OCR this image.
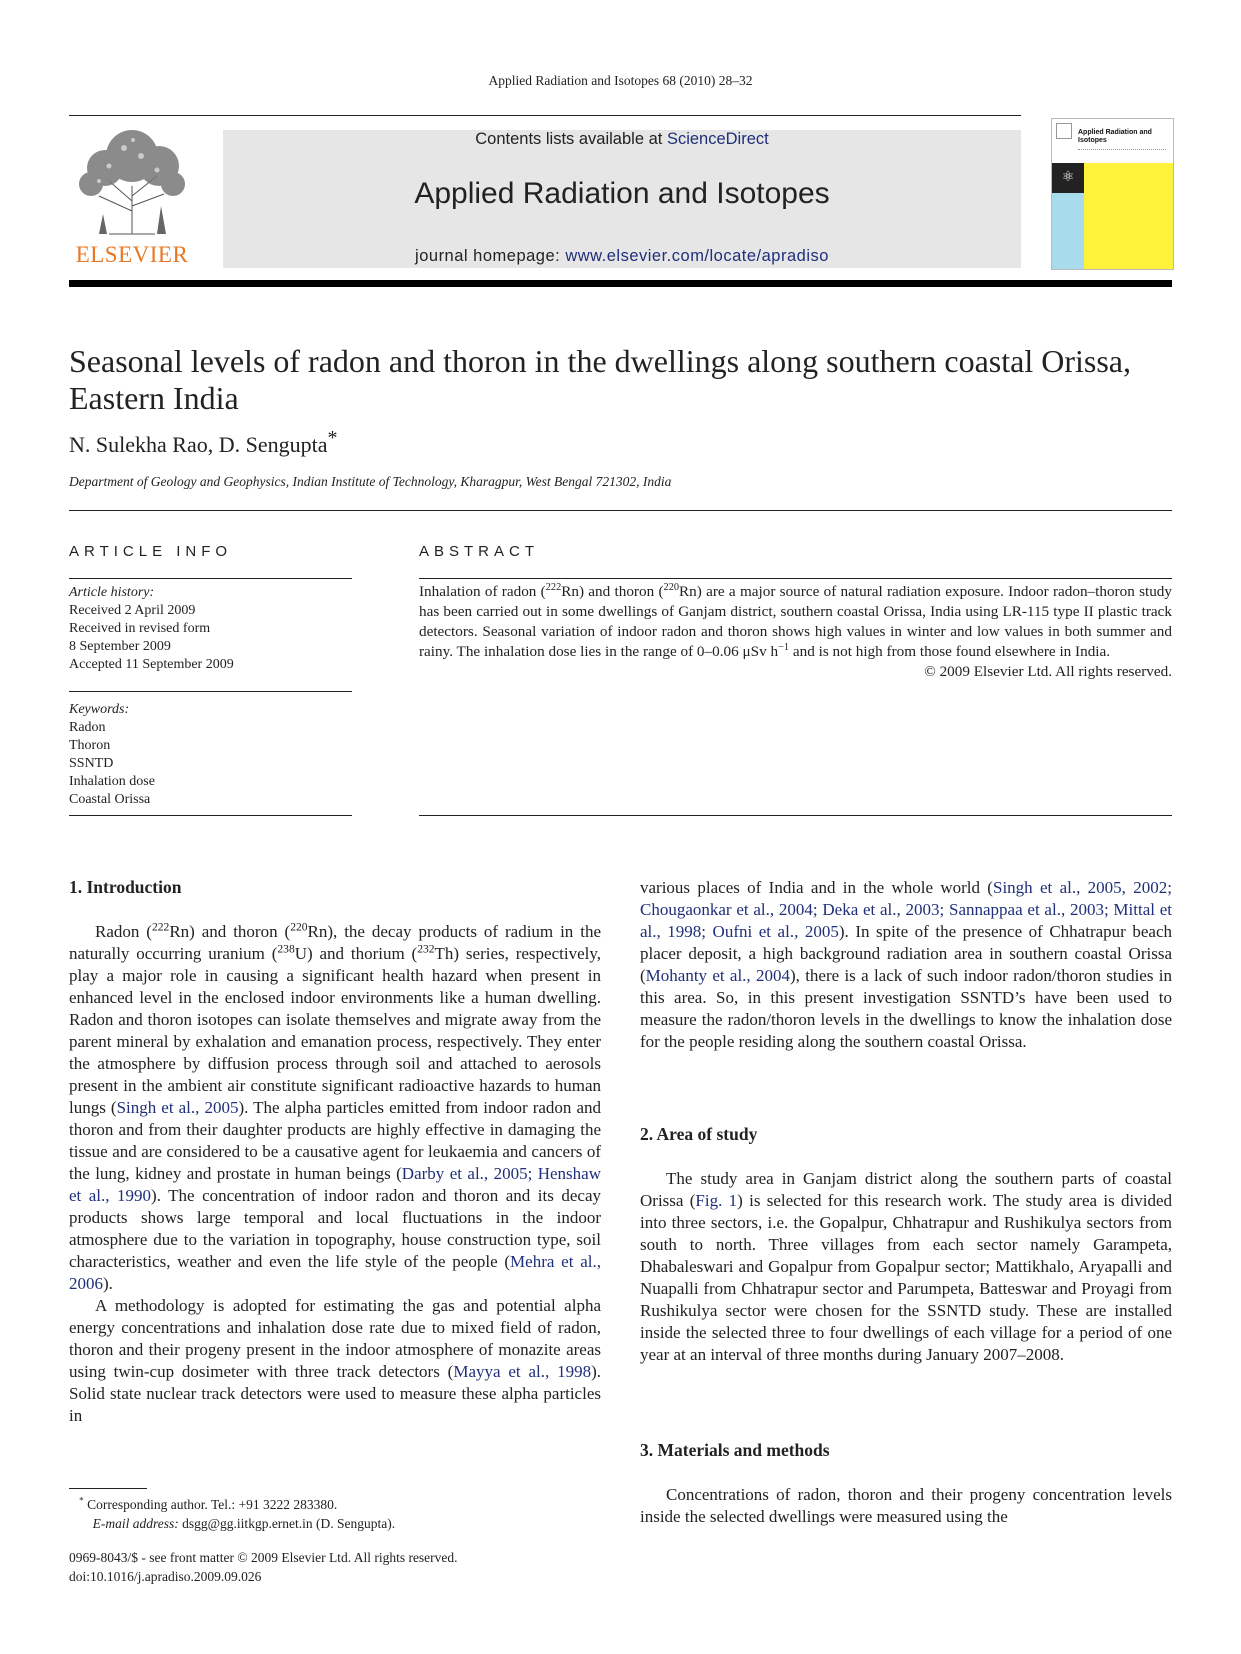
Applied Radiation and Isotopes 68 (2010) 28–32
ELSEVIER
Contents lists available at ScienceDirect
Applied Radiation and Isotopes
journal homepage: www.elsevier.com/locate/apradiso
Applied Radiation and Isotopes
⚛
Seasonal levels of radon and thoron in the dwellings along southern coastal Orissa, Eastern India
N. Sulekha Rao, D. Sengupta*
Department of Geology and Geophysics, Indian Institute of Technology, Kharagpur, West Bengal 721302, India
ARTICLE INFO
Article history:
Received 2 April 2009
Received in revised form
8 September 2009
Accepted 11 September 2009
Keywords:
Radon
Thoron
SSNTD
Inhalation dose
Coastal Orissa
ABSTRACT
Inhalation of radon ($^{222}$Rn) and thoron ($^{220}$Rn) are a major source of natural radiation exposure. Indoor radon–thoron study has been carried out in some dwellings of Ganjam district, southern coastal Orissa, India using LR-115 type II plastic track detectors. Seasonal variation of indoor radon and thoron shows high values in winter and low values in both summer and rainy. The inhalation dose lies in the range of 0–0.06 μSv $h^{-1}$ and is not high from those found elsewhere in India.
© 2009 Elsevier Ltd. All rights reserved.
1. Introduction

Radon ($^{222}$Rn) and thoron ($^{220}$Rn), the decay products of radium in the naturally occurring uranium ($^{238}$U) and thorium ($^{232}$Th) series, respectively, play a major role in causing a significant health hazard when present in enhanced level in the enclosed indoor environments like a human dwelling. Radon and thoron isotopes can isolate themselves and migrate away from the parent mineral by exhalation and emanation process, respectively. They enter the atmosphere by diffusion process through soil and attached to aerosols present in the ambient air constitute significant radioactive hazards to human lungs (Singh et al., 2005). The alpha particles emitted from indoor radon and thoron and from their daughter products are highly effective in damaging the tissue and are considered to be a causative agent for leukaemia and cancers of the lung, kidney and prostate in human beings (Darby et al., 2005; Henshaw et al., 1990). The concentration of indoor radon and thoron and its decay products shows large temporal and local fluctuations in the indoor atmosphere due to the variation in topography, house construction type, soil characteristics, weather and even the life style of the people (Mehra et al., 2006).

A methodology is adopted for estimating the gas and potential alpha energy concentrations and inhalation dose rate due to mixed field of radon, thoron and their progeny present in the indoor atmosphere of monazite areas using twin-cup dosimeter with three track detectors (Mayya et al., 1998). Solid state nuclear track detectors were used to measure these alpha particles in

various places of India and in the whole world (Singh et al., 2005, 2002; Chougaonkar et al., 2004; Deka et al., 2003; Sannappaa et al., 2003; Mittal et al., 1998; Oufni et al., 2005). In spite of the presence of Chhatrapur beach placer deposit, a high background radiation area in southern coastal Orissa (Mohanty et al., 2004), there is a lack of such indoor radon/thoron studies in this area. So, in this present investigation SSNTD’s have been used to measure the radon/thoron levels in the dwellings to know the inhalation dose for the people residing along the southern coastal Orissa.

2. Area of study

The study area in Ganjam district along the southern parts of coastal Orissa (Fig. 1) is selected for this research work. The study area is divided into three sectors, i.e. the Gopalpur, Chhatrapur and Rushikulya sectors from south to north. Three villages from each sector namely Garampeta, Dhabaleswari and Gopalpur from Gopalpur sector; Mattikhalo, Aryapalli and Nuapalli from Chhatrapur sector and Parumpeta, Batteswar and Proyagi from Rushikulya sector were chosen for the SSNTD study. These are installed inside the selected three to four dwellings of each village for a period of one year at an interval of three months during January 2007–2008.

3. Materials and methods

Concentrations of radon, thoron and their progeny concentration levels inside the selected dwellings were measured using the

* Corresponding author. Tel.: +91 3222 283380.
E-mail address: dsgg@gg.iitkgp.ernet.in (D. Sengupta).
0969-8043/$ - see front matter © 2009 Elsevier Ltd. All rights reserved.
doi:10.1016/j.apradiso.2009.09.026
